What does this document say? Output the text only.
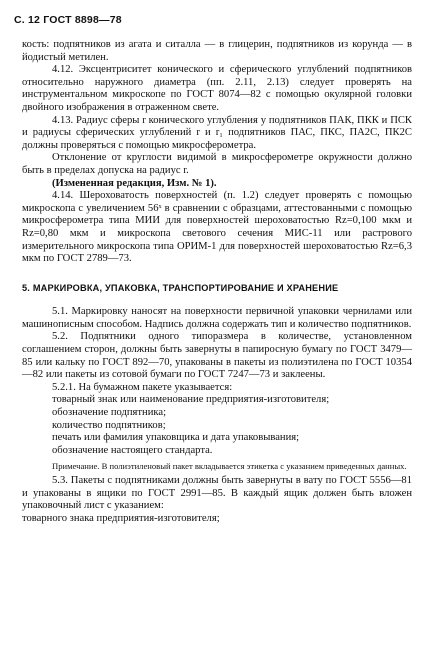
С. 12 ГОСТ 8898—78

кость: подпятников из агата и ситалла — в глицерин, подпятников из корунда — в йодистый метилен.

4.12. Эксцентриситет конического и сферического углублений подпятников относительно наружного диаметра (пп. 2.11, 2.13) следует проверять на инструментальном микроскопе по ГОСТ 8074—82 с помощью окулярной головки двойного изображения в отраженном свете.

4.13. Радиус сферы r конического углубления у подпятников ПАК, ПКК и ПСК и радиусы сферических углублений r и r₁ подпятников ПАС, ПКС, ПА2С, ПК2С должны проверяться с помощью микросферометра.

Отклонение от круглости видимой в микросферометре окружности должно быть в пределах допуска на радиус r.

(Измененная редакция, Изм. № 1).

4.14. Шероховатость поверхностей (п. 1.2) следует проверять с помощью микроскопа с увеличением 56ˣ в сравнении с образцами, аттестованными с помощью микросферометра типа МИИ для поверхностей шероховатостью Rz=0,100 мкм и Rz=0,80 мкм и микроскопа светового сечения МИС-11 или растрового измерительного микроскопа типа ОРИМ-1 для поверхностей шероховатостью Rz=6,3 мкм по ГОСТ 2789—73.

5. МАРКИРОВКА, УПАКОВКА, ТРАНСПОРТИРОВАНИЕ И ХРАНЕНИЕ

5.1. Маркировку наносят на поверхности первичной упаковки чернилами или машинописным способом. Надпись должна содержать тип и количество подпятников.

5.2. Подпятники одного типоразмера в количестве, установленном соглашением сторон, должны быть завернуты в папиросную бумагу по ГОСТ 3479—85 или кальку по ГОСТ 892—70, упакованы в пакеты из полиэтилена по ГОСТ 10354—82 или пакеты из сотовой бумаги по ГОСТ 7247—73 и заклеены.

5.2.1. На бумажном пакете указывается:

товарный знак или наименование предприятия-изготовителя;

обозначение подпятника;

количество подпятников;

печать или фамилия упаковщика и дата упаковывания;

обозначение настоящего стандарта.

Примечание. В полиэтиленовый пакет вкладывается этикетка с указанием приведенных данных.

5.3. Пакеты с подпятниками должны быть завернуты в вату по ГОСТ 5556—81 и упакованы в ящики по ГОСТ 2991—85. В каждый ящик должен быть вложен упаковочный лист с указанием:

товарного знака предприятия-изготовителя;
